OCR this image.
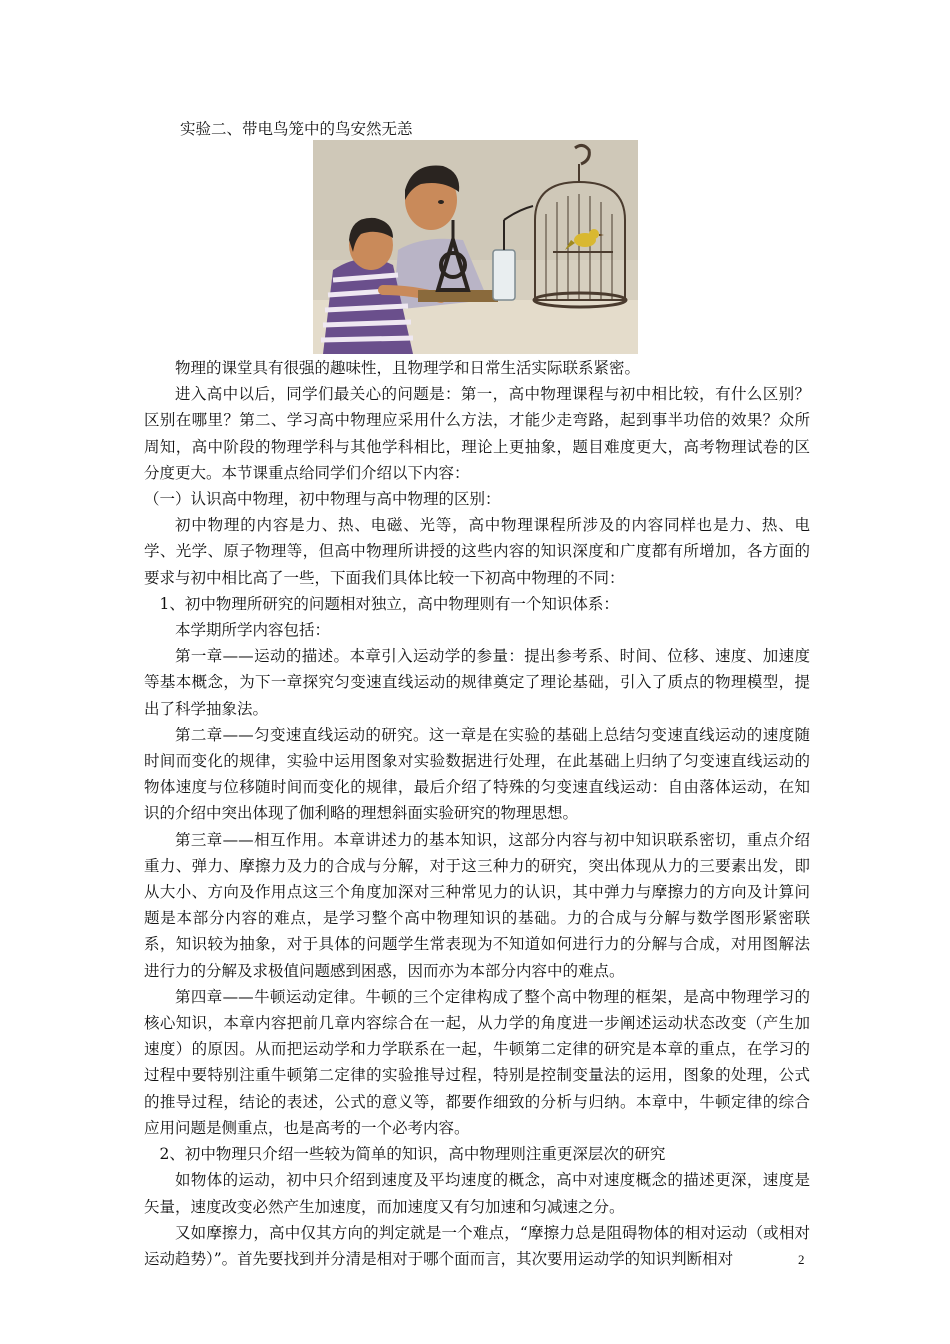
实验二、带电鸟笼中的鸟安然无恙

物理的课堂具有很强的趣味性，且物理学和日常生活实际联系紧密。

进入高中以后，同学们最关心的问题是：第一，高中物理课程与初中相比较，有什么区别？区别在哪里？第二、学习高中物理应采用什么方法，才能少走弯路，起到事半功倍的效果？众所周知，高中阶段的物理学科与其他学科相比，理论上更抽象，题目难度更大，高考物理试卷的区分度更大。本节课重点给同学们介绍以下内容：

（一）认识高中物理，初中物理与高中物理的区别：

初中物理的内容是力、热、电磁、光等，高中物理课程所涉及的内容同样也是力、热、电学、光学、原子物理等，但高中物理所讲授的这些内容的知识深度和广度都有所增加，各方面的要求与初中相比高了一些，下面我们具体比较一下初高中物理的不同：

1、初中物理所研究的问题相对独立，高中物理则有一个知识体系：

本学期所学内容包括：

第一章——运动的描述。本章引入运动学的参量：提出参考系、时间、位移、速度、加速度等基本概念，为下一章探究匀变速直线运动的规律奠定了理论基础，引入了质点的物理模型，提出了科学抽象法。

第二章——匀变速直线运动的研究。这一章是在实验的基础上总结匀变速直线运动的速度随时间而变化的规律，实验中运用图象对实验数据进行处理，在此基础上归纳了匀变速直线运动的物体速度与位移随时间而变化的规律，最后介绍了特殊的匀变速直线运动：自由落体运动，在知识的介绍中突出体现了伽利略的理想斜面实验研究的物理思想。

第三章——相互作用。本章讲述力的基本知识，这部分内容与初中知识联系密切，重点介绍重力、弹力、摩擦力及力的合成与分解，对于这三种力的研究，突出体现从力的三要素出发，即从大小、方向及作用点这三个角度加深对三种常见力的认识，其中弹力与摩擦力的方向及计算问题是本部分内容的难点，是学习整个高中物理知识的基础。力的合成与分解与数学图形紧密联系，知识较为抽象，对于具体的问题学生常表现为不知道如何进行力的分解与合成，对用图解法进行力的分解及求极值问题感到困惑，因而亦为本部分内容中的难点。

第四章——牛顿运动定律。牛顿的三个定律构成了整个高中物理的框架，是高中物理学习的核心知识，本章内容把前几章内容综合在一起，从力学的角度进一步阐述运动状态改变（产生加速度）的原因。从而把运动学和力学联系在一起，牛顿第二定律的研究是本章的重点，在学习的过程中要特别注重牛顿第二定律的实验推导过程，特别是控制变量法的运用，图象的处理，公式的推导过程，结论的表述，公式的意义等，都要作细致的分析与归纳。本章中，牛顿定律的综合应用问题是侧重点，也是高考的一个必考内容。

2、初中物理只介绍一些较为简单的知识，高中物理则注重更深层次的研究

如物体的运动，初中只介绍到速度及平均速度的概念，高中对速度概念的描述更深，速度是矢量，速度改变必然产生加速度，而加速度又有匀加速和匀减速之分。

又如摩擦力，高中仅其方向的判定就是一个难点，“摩擦力总是阻碍物体的相对运动（或相对运动趋势）”。首先要找到并分清是相对于哪个面而言，其次要用运动学的知识判断相对	2
